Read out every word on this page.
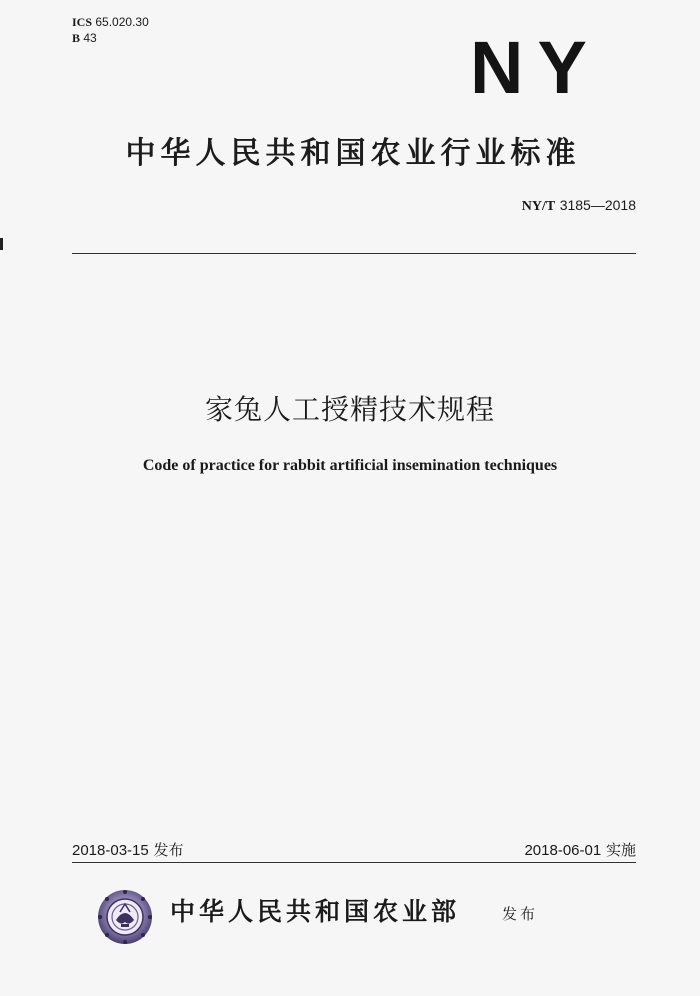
ICS 65.020.30
B 43	NY
中华人民共和国农业行业标准
NY/T 3185—2018
家兔人工授精技术规程
Code of practice for rabbit artificial insemination techniques
2018-03-15 发布	2018-06-01 实施
中华人民共和国农业部	发布
